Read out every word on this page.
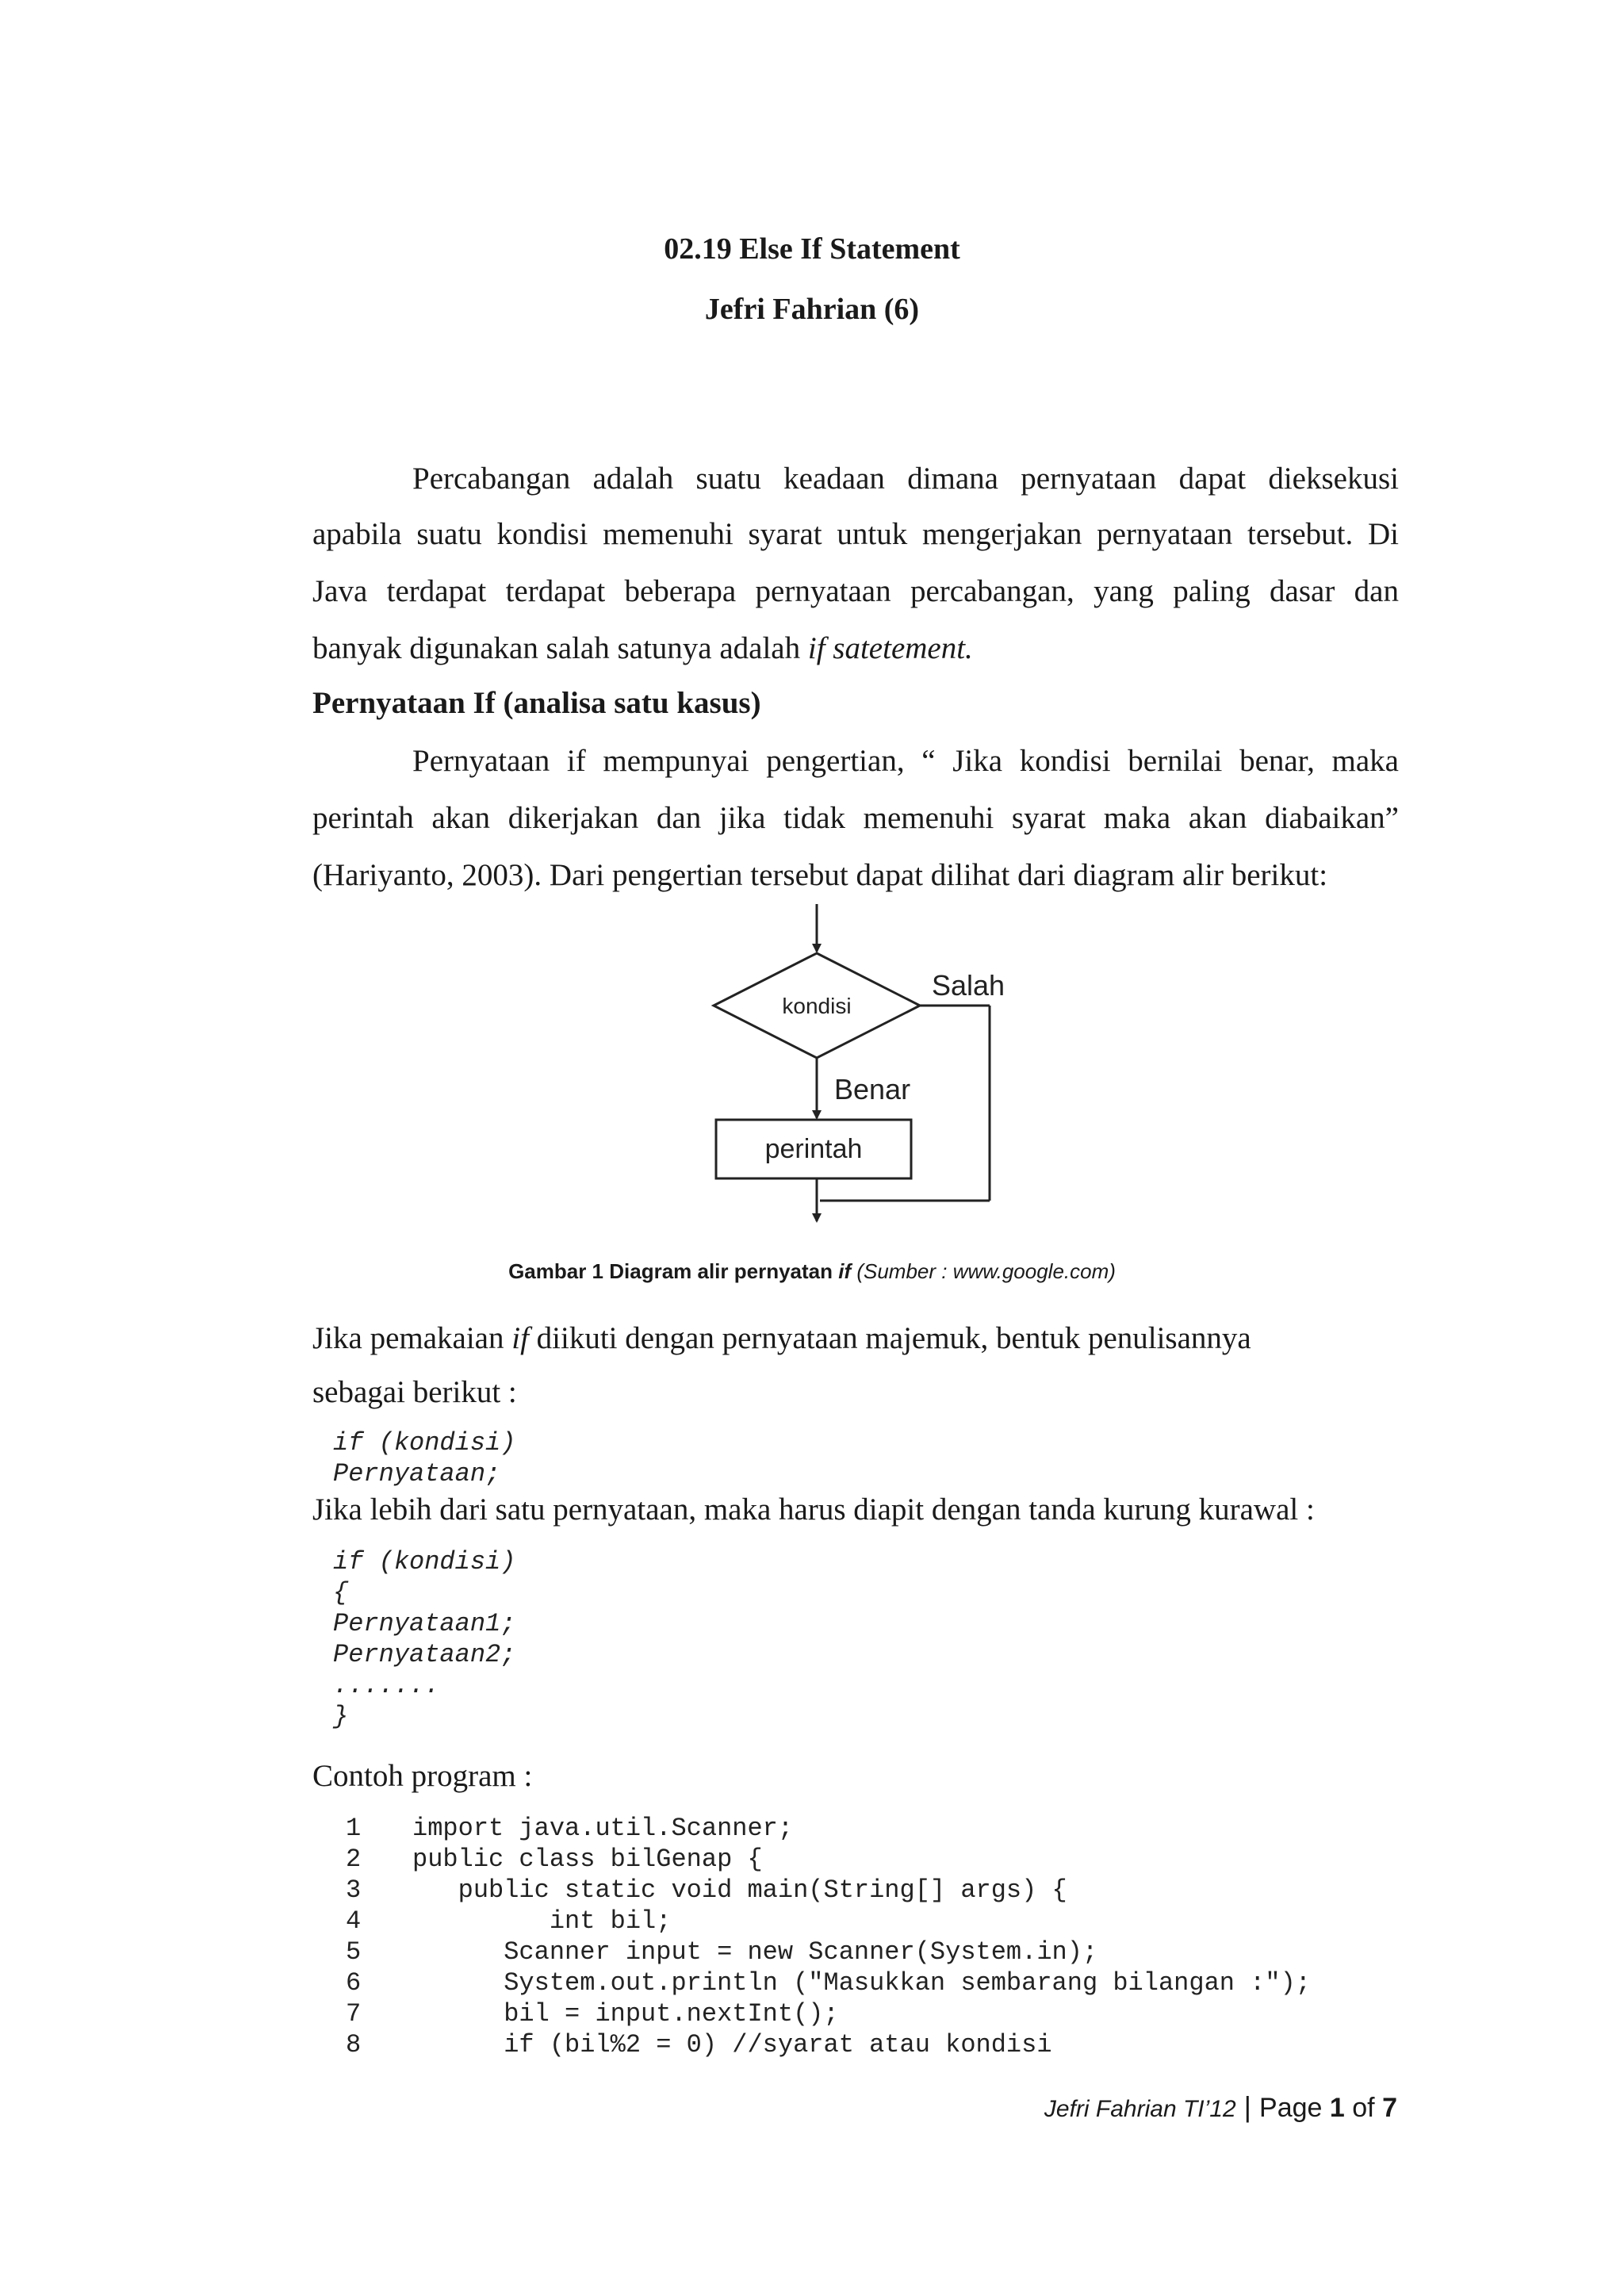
02.19 Else If Statement
Jefri Fahrian (6)
Percabangan adalah suatu keadaan dimana pernyataan dapat dieksekusi
apabila suatu kondisi memenuhi syarat untuk mengerjakan pernyataan tersebut. Di
Java terdapat terdapat beberapa pernyataan percabangan, yang paling dasar dan
banyak digunakan salah satunya adalah if satetement.
Pernyataan If (analisa satu kasus)
Pernyataan if mempunyai pengertian, “ Jika kondisi bernilai benar, maka
perintah akan dikerjakan dan jika tidak memenuhi syarat maka akan diabaikan”
(Hariyanto, 2003). Dari pengertian tersebut dapat dilihat dari diagram alir berikut:
kondisi
Salah
Benar
perintah
Gambar 1 Diagram alir pernyatan if (Sumber : www.google.com)
Jika pemakaian if diikuti dengan pernyataan majemuk, bentuk penulisannya
sebagai berikut :
if (kondisi)
Pernyataan;
Jika lebih dari satu pernyataan, maka harus diapit dengan tanda kurung kurawal :
if (kondisi)
{
Pernyataan1;
Pernyataan2;
.......
}
Contoh program :
1	import java.util.Scanner;
2	public class bilGenap {
3	public static void main(String[] args) {
4	int bil;
5	Scanner input = new Scanner(System.in);
6	System.out.println ("Masukkan sembarang bilangan :");
7	bil = input.nextInt();
8	if (bil%2 = 0) //syarat atau kondisi
Jefri Fahrian TI’12 | Page 1 of 7
